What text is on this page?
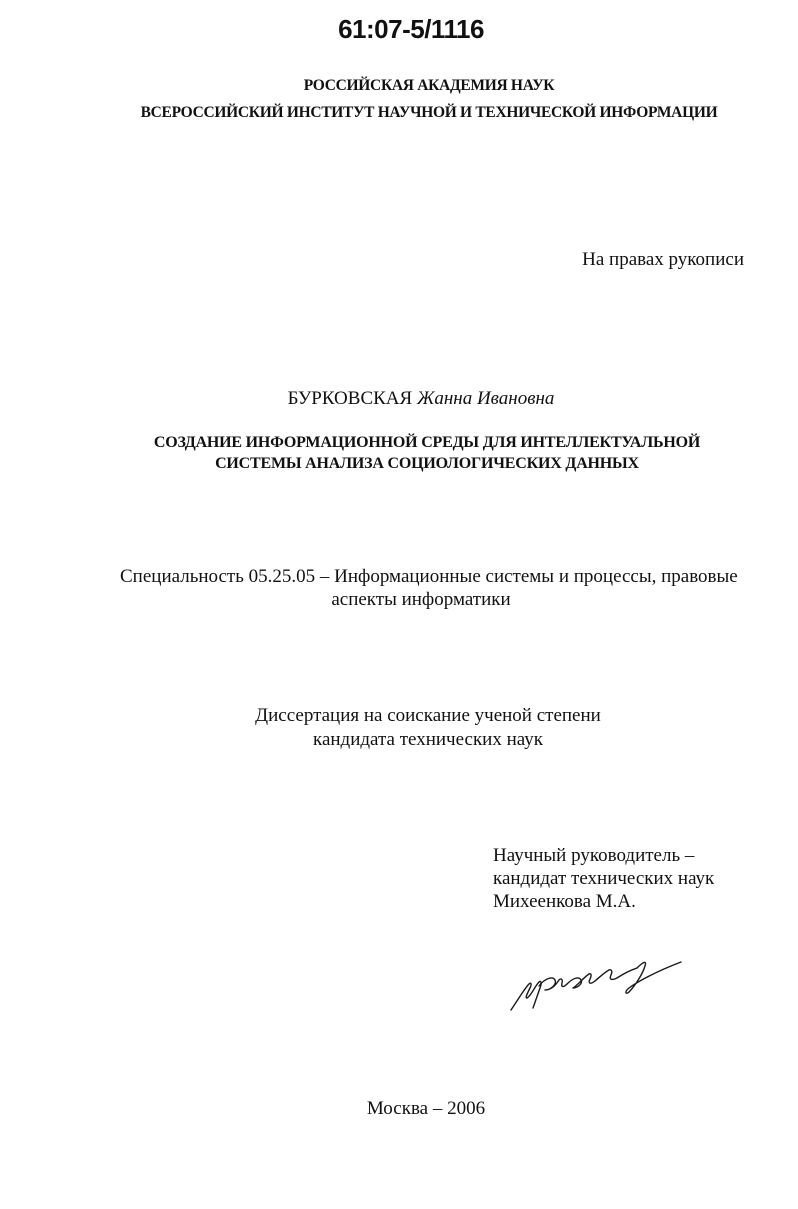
61:07-5/1116
РОССИЙСКАЯ АКАДЕМИЯ НАУК
ВСЕРОССИЙСКИЙ ИНСТИТУТ НАУЧНОЙ И ТЕХНИЧЕСКОЙ ИНФОРМАЦИИ
На правах рукописи
БУРКОВСКАЯ Жанна Ивановна
СОЗДАНИЕ ИНФОРМАЦИОННОЙ СРЕДЫ ДЛЯ ИНТЕЛЛЕКТУАЛЬНОЙ
СИСТЕМЫ АНАЛИЗА СОЦИОЛОГИЧЕСКИХ ДАННЫХ
Специальность 05.25.05 – Информационные системы и процессы, правовые
аспекты информатики
Диссертация на соискание ученой степени
кандидата технических наук
Научный руководитель –
кандидат технических наук
Михеенкова М.А.
Москва – 2006
